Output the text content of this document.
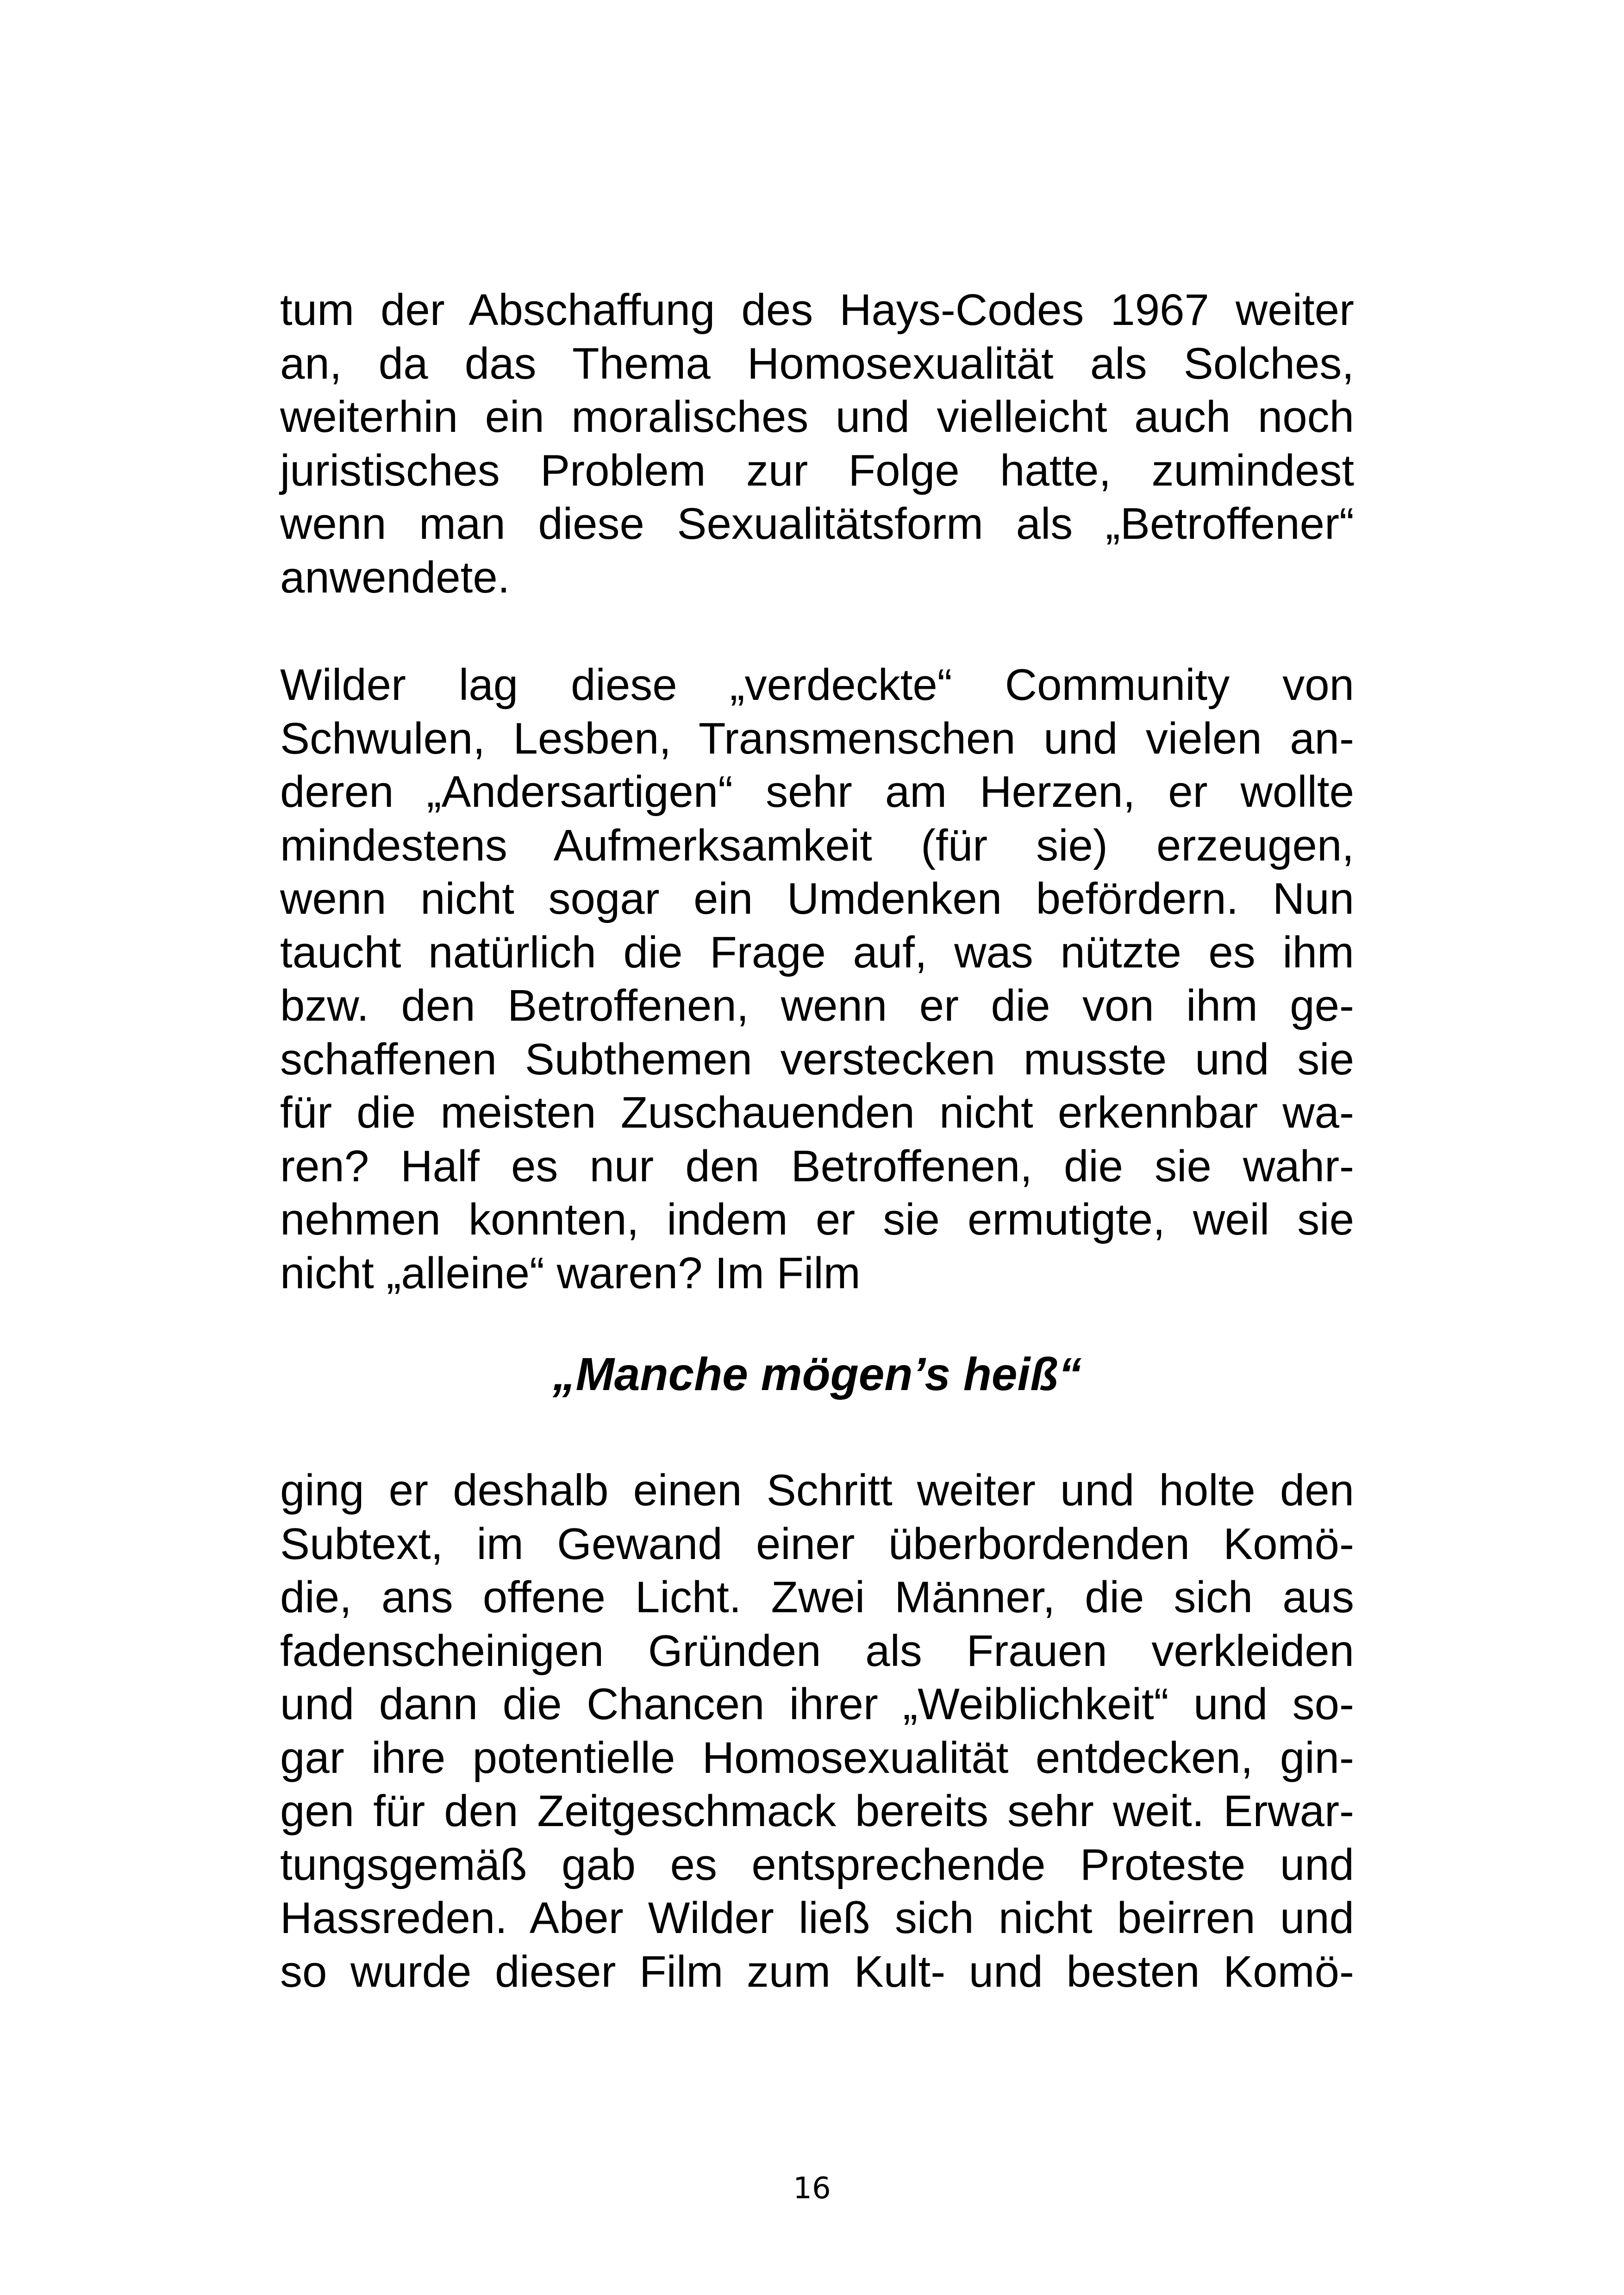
tum der Abschaffung des Hays-Codes 1967 weiter
an, da das Thema Homosexualität als Solches,
weiterhin ein moralisches und vielleicht auch noch
juristisches Problem zur Folge hatte, zumindest
wenn man diese Sexualitätsform als „Betroffener“
anwendete.
Wilder lag diese „verdeckte“ Community von
Schwulen, Lesben, Transmenschen und vielen an-
deren „Andersartigen“ sehr am Herzen, er wollte
mindestens Aufmerksamkeit (für sie) erzeugen,
wenn nicht sogar ein Umdenken befördern. Nun
taucht natürlich die Frage auf, was nützte es ihm
bzw. den Betroffenen, wenn er die von ihm ge-
schaffenen Subthemen verstecken musste und sie
für die meisten Zuschauenden nicht erkennbar wa-
ren? Half es nur den Betroffenen, die sie wahr-
nehmen konnten, indem er sie ermutigte, weil sie
nicht „alleine“ waren? Im Film
„Manche mögen’s heiß“
ging er deshalb einen Schritt weiter und holte den
Subtext, im Gewand einer überbordenden Komö-
die, ans offene Licht. Zwei Männer, die sich aus
fadenscheinigen Gründen als Frauen verkleiden
und dann die Chancen ihrer „Weiblichkeit“ und so-
gar ihre potentielle Homosexualität entdecken, gin-
gen für den Zeitgeschmack bereits sehr weit. Erwar-
tungsgemäß gab es entsprechende Proteste und
Hassreden. Aber Wilder ließ sich nicht beirren und
so wurde dieser Film zum Kult- und besten Komö-
16
